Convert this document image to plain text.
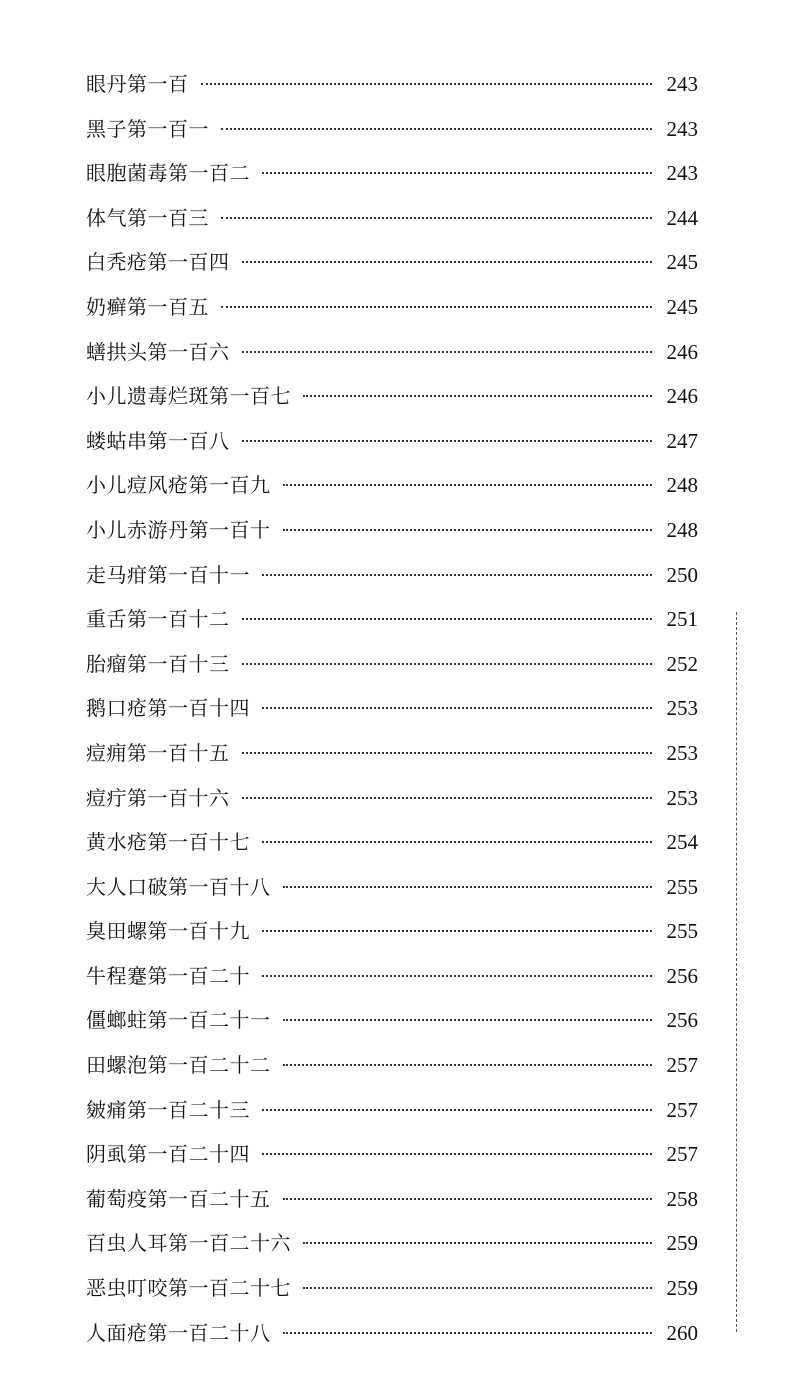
眼丹第一百	243
黑子第一百一	243
眼胞菌毒第一百二	243
体气第一百三	244
白秃疮第一百四	245
奶癣第一百五	245
蟮拱头第一百六	246
小儿遗毒烂斑第一百七	246
蝼蛄串第一百八	247
小儿痘风疮第一百九	248
小儿赤游丹第一百十	248
走马疳第一百十一	250
重舌第一百十二	251
胎瘤第一百十三	252
鹅口疮第一百十四	253
痘痈第一百十五	253
痘疔第一百十六	253
黄水疮第一百十七	254
大人口破第一百十八	255
臭田螺第一百十九	255
牛程蹇第一百二十	256
僵螂蛀第一百二十一	256
田螺泡第一百二十二	257
皴痛第一百二十三	257
阴虱第一百二十四	257
葡萄疫第一百二十五	258
百虫人耳第一百二十六	259
恶虫叮咬第一百二十七	259
人面疮第一百二十八	260
